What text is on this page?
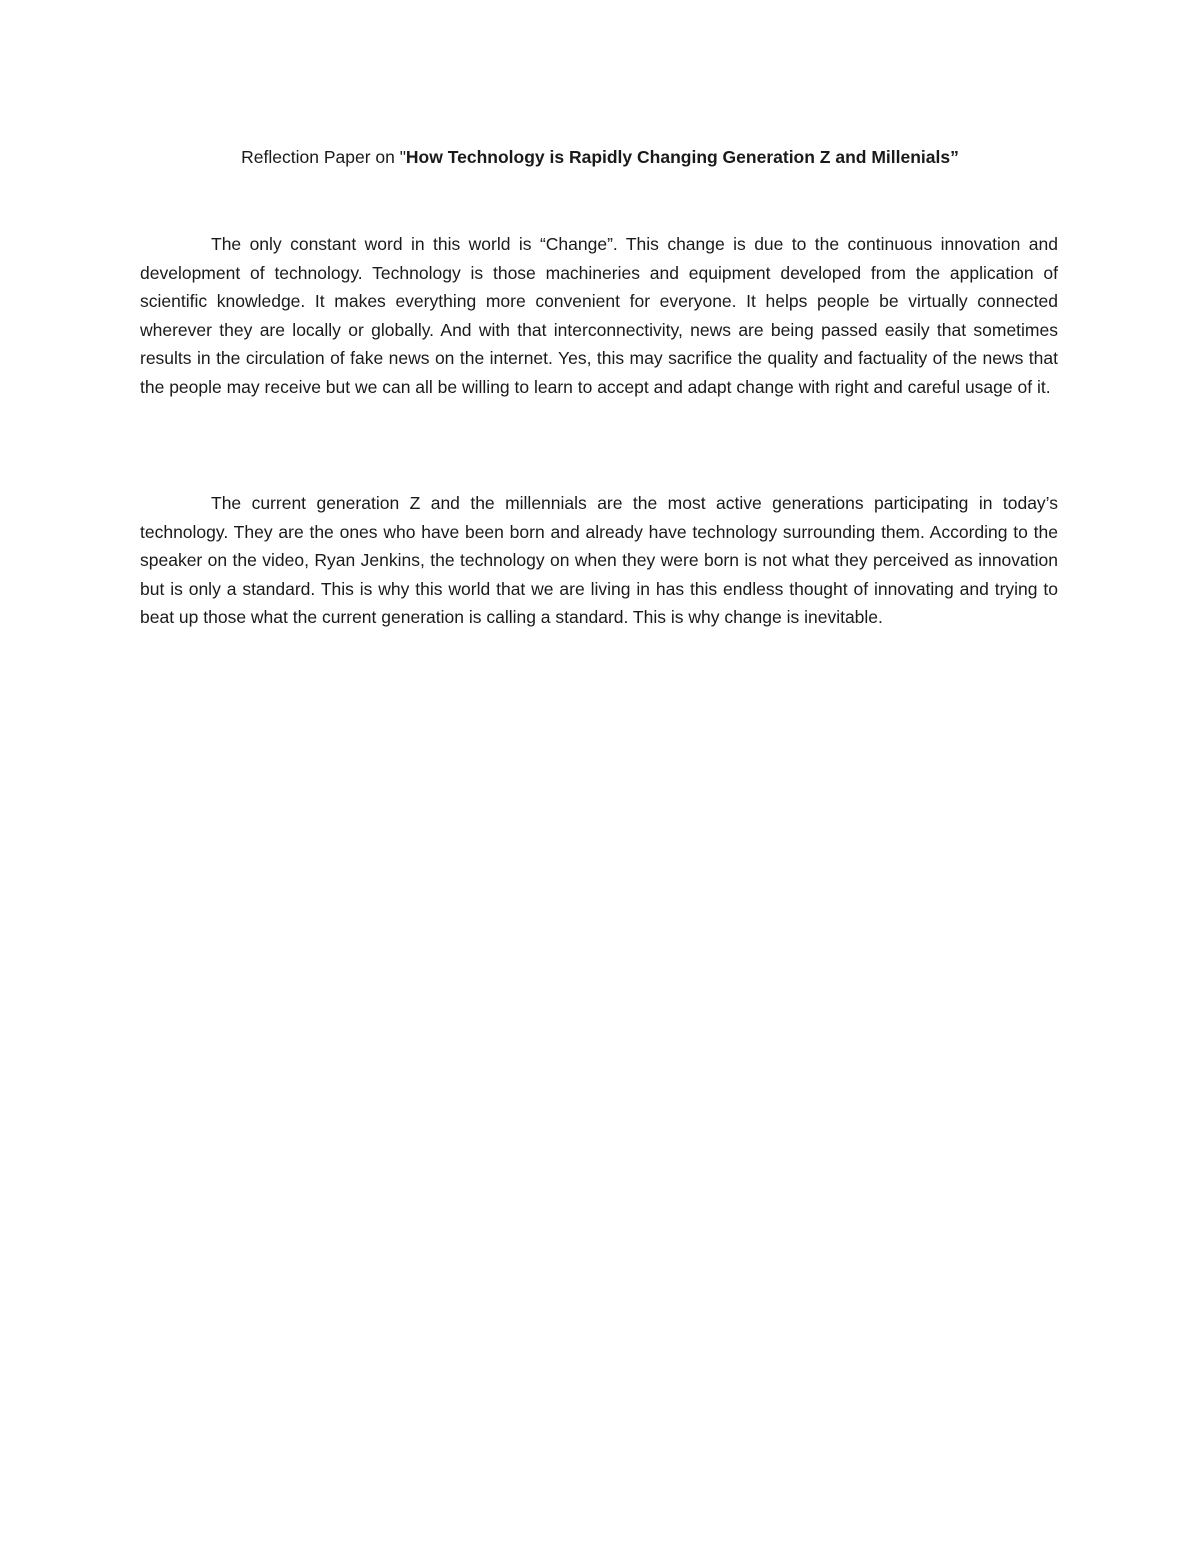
Reflection Paper on "How Technology is Rapidly Changing Generation Z and Millenials”

The only constant word in this world is “Change”. This change is due to the continuous innovation and development of technology. Technology is those machineries and equipment developed from the application of scientific knowledge. It makes everything more convenient for everyone. It helps people be virtually connected wherever they are locally or globally. And with that interconnectivity, news are being passed easily that sometimes results in the circulation of fake news on the internet. Yes, this may sacrifice the quality and factuality of the news that the people may receive but we can all be willing to learn to accept and adapt change with right and careful usage of it.

The current generation Z and the millennials are the most active generations participating in today’s technology. They are the ones who have been born and already have technology surrounding them. According to the speaker on the video, Ryan Jenkins, the technology on when they were born is not what they perceived as innovation but is only a standard. This is why this world that we are living in has this endless thought of innovating and trying to beat up those what the current generation is calling a standard. This is why change is inevitable.
